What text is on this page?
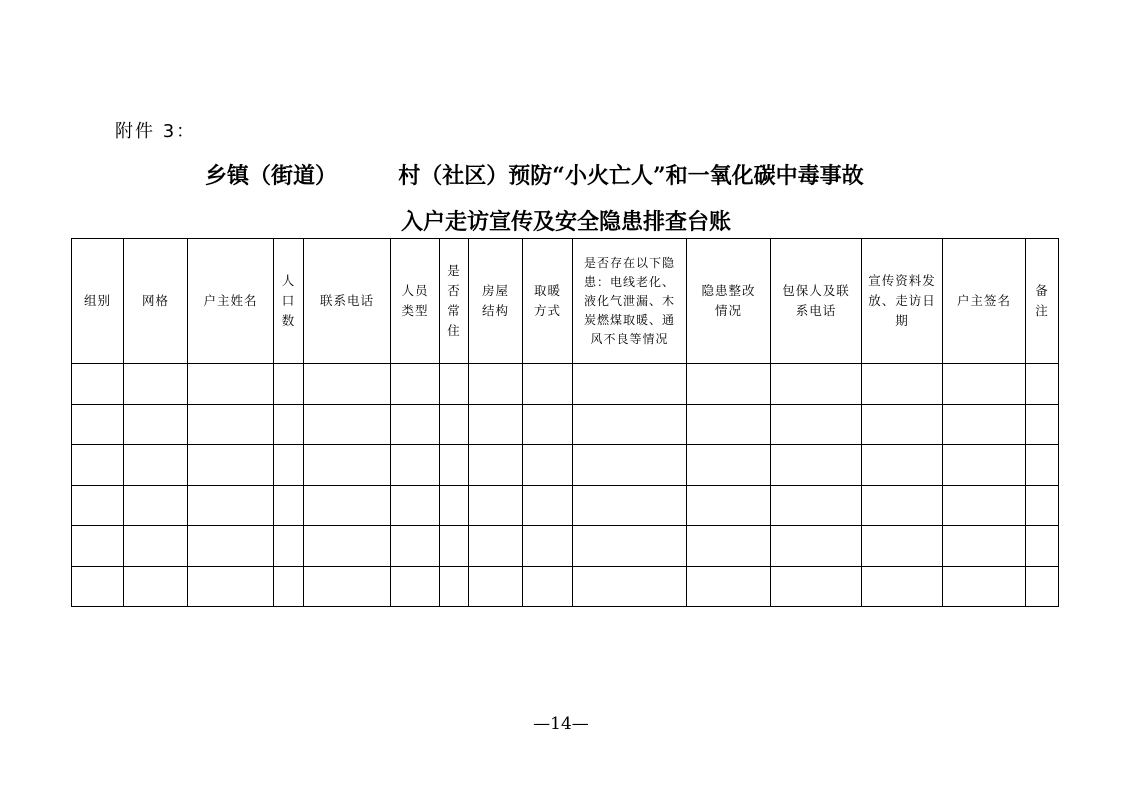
附件 3：
乡镇（街道）	村（社区）预防“小火亡人”和一氧化碳中毒事故
入户走访宣传及安全隐患排查台账
组别	网格	户主姓名	人口数	联系电话	人员类型	是否常住	房屋结构	取暖方式	是否存在以下隐患：电线老化、液化气泄漏、木炭燃煤取暖、通风不良等情况	隐患整改情况	包保人及联系电话	宣传资料发放、走访日期	户主签名	备注

—14—
